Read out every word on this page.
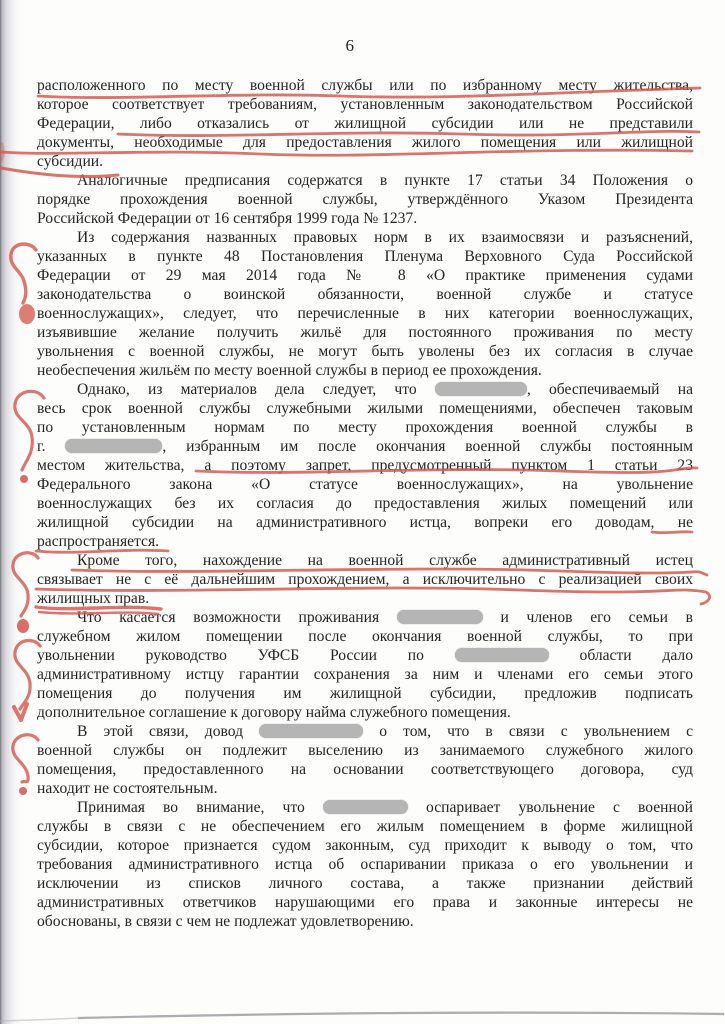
6
расположенного по месту военной службы или по избранному месту жительства,
которое соответствует требованиям, установленным законодательством Российской
Федерации, либо отказались от жилищной субсидии или не представили
документы, необходимые для предоставления жилого помещения или жилищной
субсидии.
Аналогичные предписания содержатся в пункте 17 статьи 34 Положения о
порядке прохождения военной службы, утверждённого Указом Президента
Российской Федерации от 16 сентября 1999 года № 1237.
Из содержания названных правовых норм в их взаимосвязи и разъяснений,
указанных в пункте 48 Постановления Пленума Верховного Суда Российской
Федерации от 29 мая 2014 года № 8 «О практике применения судами
законодательства о воинской обязанности, военной службе и статусе
военнослужащих», следует, что перечисленные в них категории военнослужащих,
изъявившие желание получить жильё для постоянного проживания по месту
увольнения с военной службы, не могут быть уволены без их согласия в случае
необеспечения жильём по месту военной службы в период ее прохождения.
Однако, из материалов дела следует, что	, обеспечиваемый на
весь срок военной службы служебными жилыми помещениями, обеспечен таковым
по установленным нормам по месту прохождения военной службы в
г.	, избранным им после окончания военной службы постоянным
местом жительства, а поэтому запрет, предусмотренный пунктом 1 статьи 23
Федерального закона «О статусе военнослужащих», на увольнение
военнослужащих без их согласия до предоставления жилых помещений или
жилищной субсидии на административного истца, вопреки его доводам, не
распространяется.
Кроме того, нахождение на военной службе административный истец
связывает не с её дальнейшим прохождением, а исключительно с реализацией своих
жилищных прав.
Что касается возможности проживания	и членов его семьи в
служебном жилом помещении после окончания военной службы, то при
увольнении руководство УФСБ России по	области дало
административному истцу гарантии сохранения за ним и членами его семьи этого
помещения до получения им жилищной субсидии, предложив подписать
дополнительное соглашение к договору найма служебного помещения.
В этой связи, довод	о том, что в связи с увольнением с
военной службы он подлежит выселению из занимаемого служебного жилого
помещения, предоставленного на основании соответствующего договора, суд
находит не состоятельным.
Принимая во внимание, что	оспаривает увольнение с военной
службы в связи с не обеспечением его жилым помещением в форме жилищной
субсидии, которое признается судом законным, суд приходит к выводу о том, что
требования административного истца об оспаривании приказа о его увольнении и
исключении из списков личного состава, а также признании действий
административных ответчиков нарушающими его права и законные интересы не
обоснованы, в связи с чем не подлежат удовлетворению.
